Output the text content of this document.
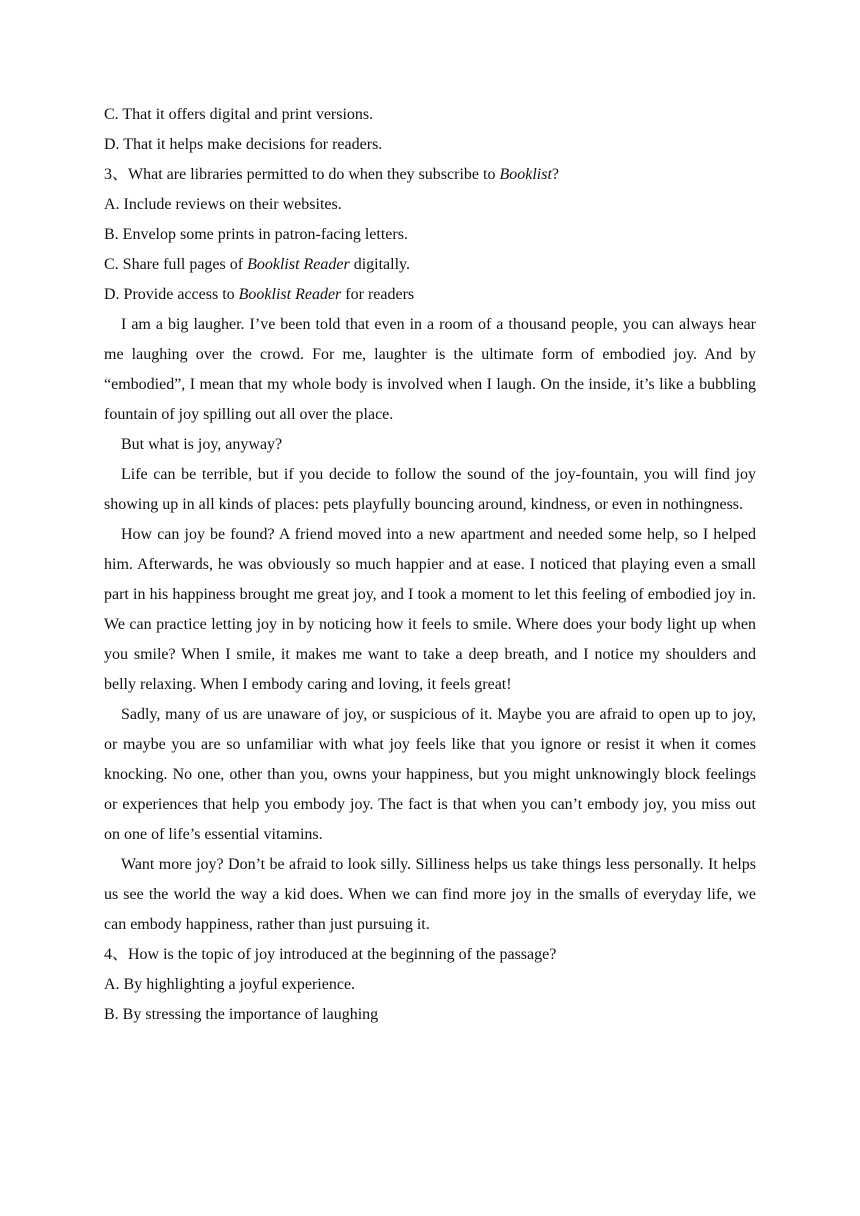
C. That it offers digital and print versions.

D. That it helps make decisions for readers.

3、What are libraries permitted to do when they subscribe to Booklist?

A. Include reviews on their websites.

B. Envelop some prints in patron-facing letters.

C. Share full pages of Booklist Reader digitally.

D. Provide access to Booklist Reader for readers

I am a big laugher. I’ve been told that even in a room of a thousand people, you can always hear me laughing over the crowd. For me, laughter is the ultimate form of embodied joy. And by “embodied”, I mean that my whole body is involved when I laugh. On the inside, it’s like a bubbling fountain of joy spilling out all over the place.

But what is joy, anyway?

Life can be terrible, but if you decide to follow the sound of the joy-fountain, you will find joy showing up in all kinds of places: pets playfully bouncing around, kindness, or even in nothingness.

How can joy be found? A friend moved into a new apartment and needed some help, so I helped him. Afterwards, he was obviously so much happier and at ease. I noticed that playing even a small part in his happiness brought me great joy, and I took a moment to let this feeling of embodied joy in. We can practice letting joy in by noticing how it feels to smile. Where does your body light up when you smile? When I smile, it makes me want to take a deep breath, and I notice my shoulders and belly relaxing. When I embody caring and loving, it feels great!

Sadly, many of us are unaware of joy, or suspicious of it. Maybe you are afraid to open up to joy, or maybe you are so unfamiliar with what joy feels like that you ignore or resist it when it comes knocking. No one, other than you, owns your happiness, but you might unknowingly block feelings or experiences that help you embody joy. The fact is that when you can’t embody joy, you miss out on one of life’s essential vitamins.

Want more joy? Don’t be afraid to look silly. Silliness helps us take things less personally. It helps us see the world the way a kid does. When we can find more joy in the smalls of everyday life, we can embody happiness, rather than just pursuing it.

4、How is the topic of joy introduced at the beginning of the passage?

A. By highlighting a joyful experience.

B. By stressing the importance of laughing
